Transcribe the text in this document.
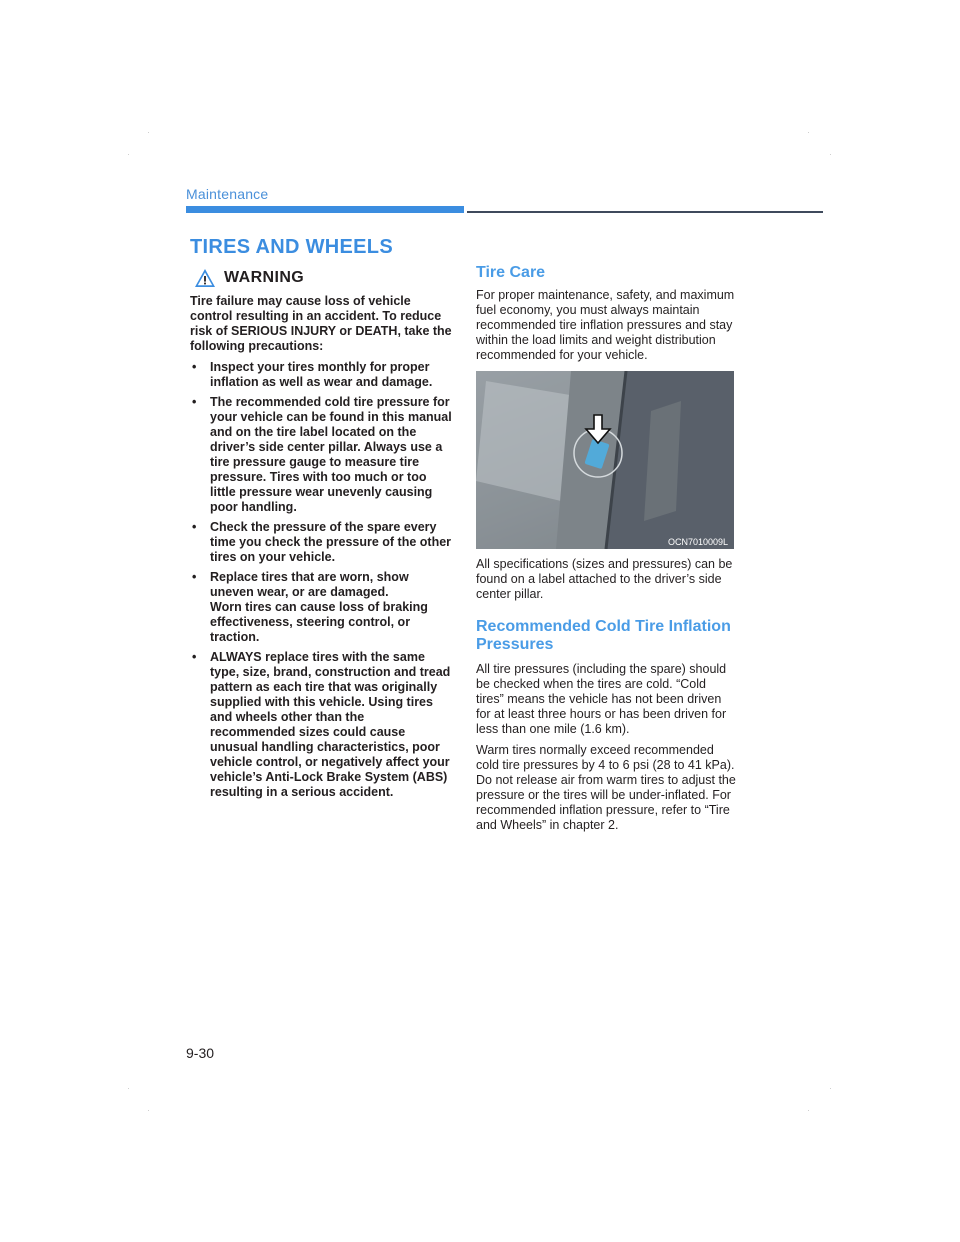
Maintenance
TIRES AND WHEELS
WARNING
Tire failure may cause loss of vehicle control resulting in an accident. To reduce risk of SERIOUS INJURY or DEATH, take the following precautions:
• Inspect your tires monthly for proper inflation as well as wear and damage.
• The recommended cold tire pressure for your vehicle can be found in this manual and on the tire label located on the driver’s side center pillar. Always use a tire pressure gauge to measure tire pressure. Tires with too much or too little pressure wear unevenly causing poor handling.
• Check the pressure of the spare every time you check the pressure of the other tires on your vehicle.
• Replace tires that are worn, show uneven wear, or are damaged.
Worn tires can cause loss of braking effectiveness, steering control, or traction.
• ALWAYS replace tires with the same type, size, brand, construction and tread pattern as each tire that was originally supplied with this vehicle. Using tires and wheels other than the recommended sizes could cause unusual handling characteristics, poor vehicle control, or negatively affect your vehicle’s Anti-Lock Brake System (ABS) resulting in a serious accident.
Tire Care

For proper maintenance, safety, and maximum fuel economy, you must always maintain recommended tire inflation pressures and stay within the load limits and weight distribution recommended for your vehicle.

OCN7010009L

All specifications (sizes and pressures) can be found on a label attached to the driver’s side center pillar.

Recommended Cold Tire Inflation Pressures

All tire pressures (including the spare) should be checked when the tires are cold. “Cold tires” means the vehicle has not been driven for at least three hours or has been driven for less than one mile (1.6 km).

Warm tires normally exceed recommended cold tire pressures by 4 to 6 psi (28 to 41 kPa). Do not release air from warm tires to adjust the pressure or the tires will be under-inflated. For recommended inflation pressure, refer to “Tire and Wheels” in chapter 2.

9-30
